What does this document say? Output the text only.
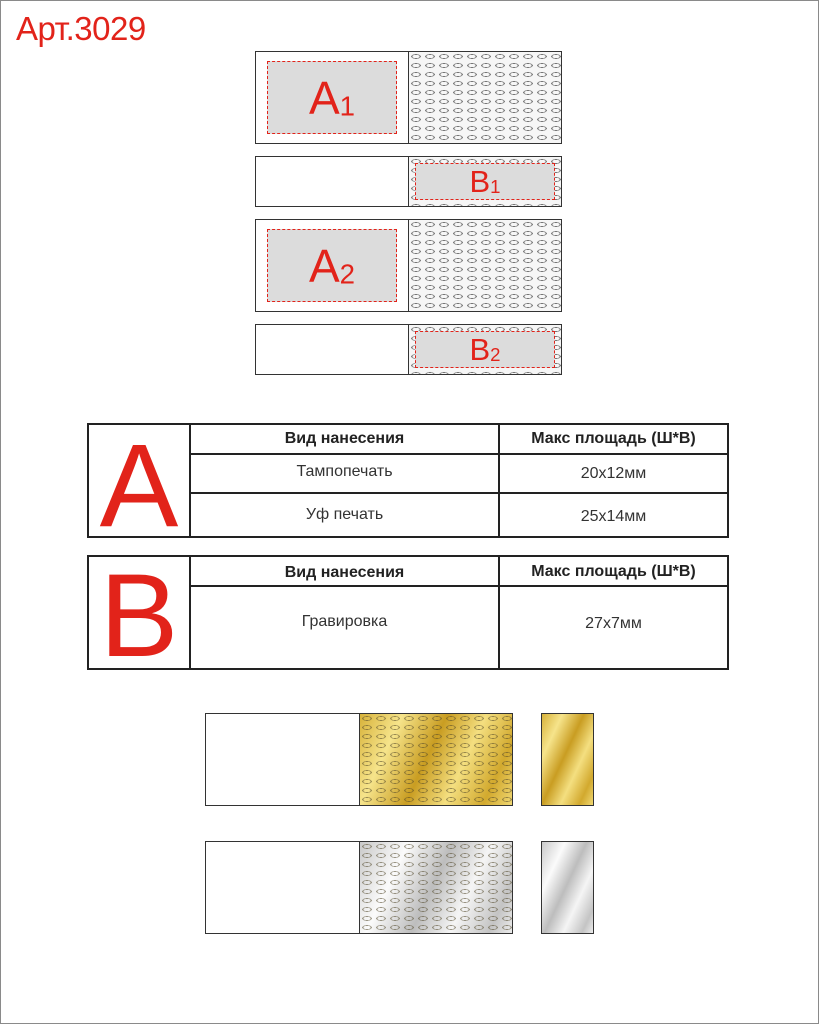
Арт.3029
$A_1$
$B_1$
$A_2$
$B_2$
A	Вид нанесения	Макс площадь (Ш*В)
Тампопечать	20x12мм
Уф печать	25x14мм
B	Вид нанесения	Макс площадь (Ш*В)
Гравировка	27x7мм
